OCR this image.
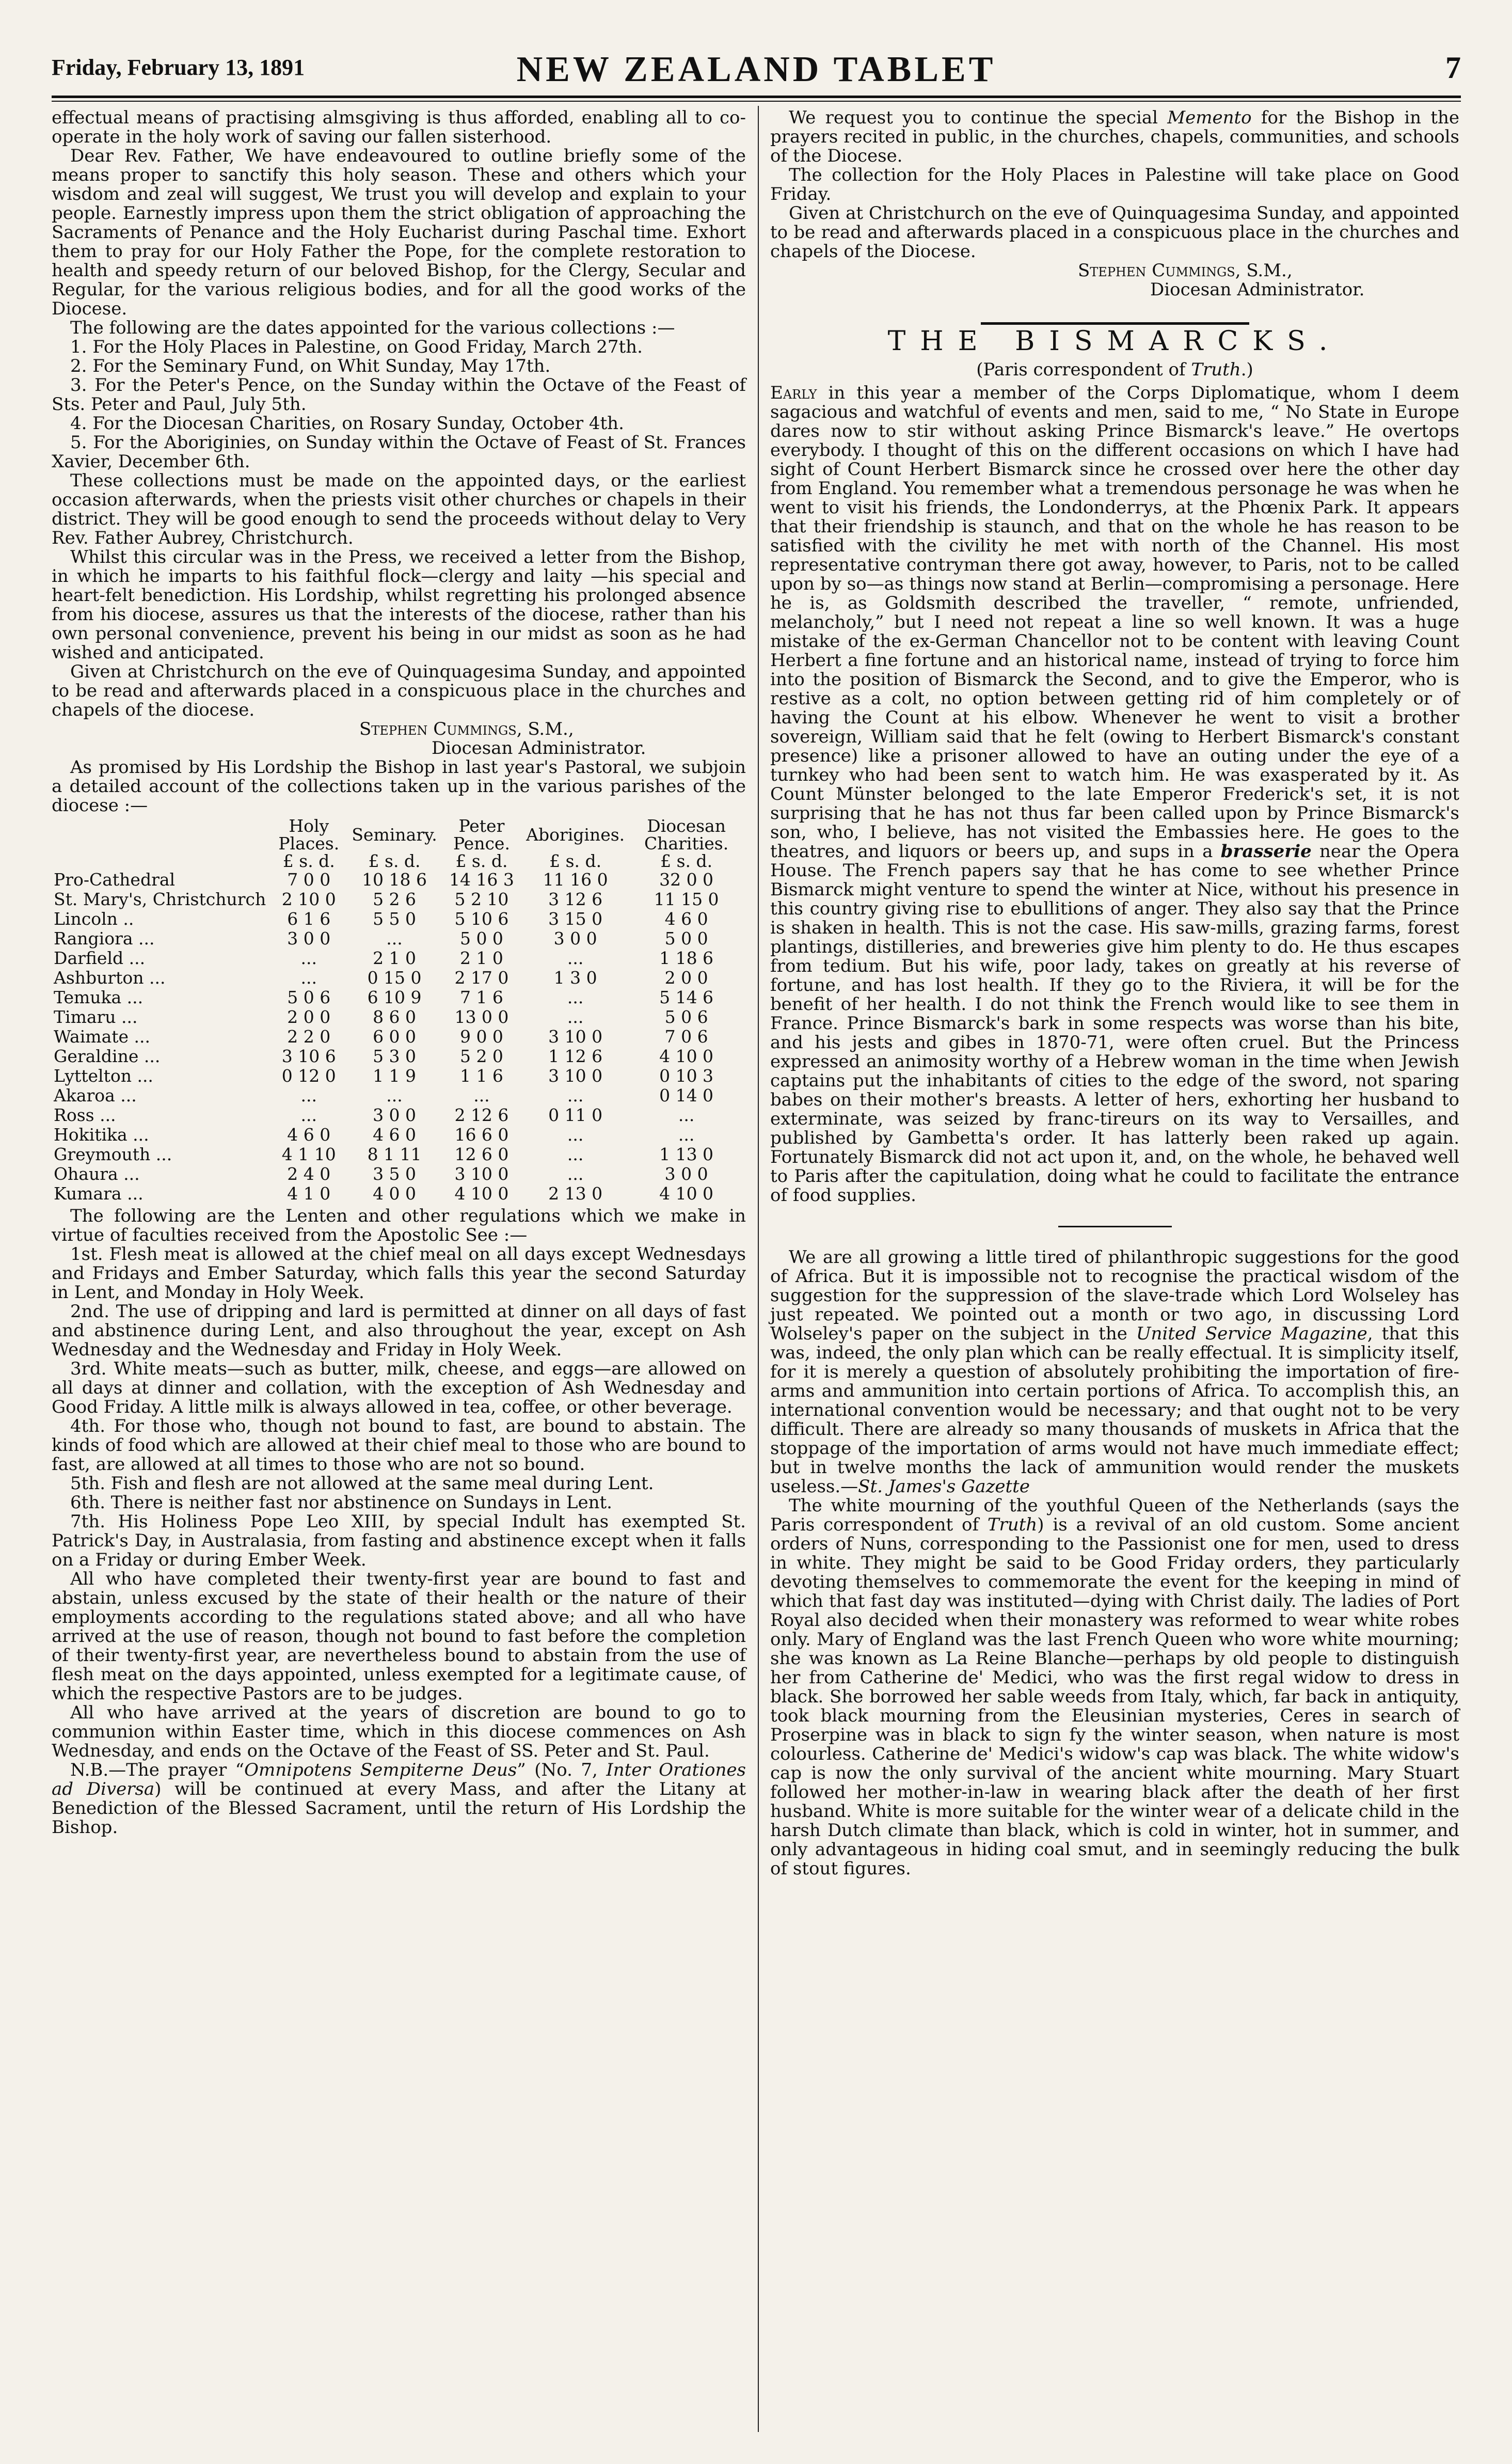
Friday, February 13, 1891	NEW ZEALAND TABLET	7

effectual means of practising almsgiving is thus afforded, enabling all to co-operate in the holy work of saving our fallen sisterhood.

Dear Rev. Father, We have endeavoured to outline briefly some of the means proper to sanctify this holy season. These and others which your wisdom and zeal will suggest, We trust you will develop and explain to your people. Earnestly impress upon them the strict obligation of approaching the Sacraments of Penance and the Holy Eucharist during Paschal time. Exhort them to pray for our Holy Father the Pope, for the complete restoration to health and speedy return of our beloved Bishop, for the Clergy, Secular and Regular, for the various religious bodies, and for all the good works of the Diocese.

The following are the dates appointed for the various collections :—

1. For the Holy Places in Palestine, on Good Friday, March 27th.

2. For the Seminary Fund, on Whit Sunday, May 17th.

3. For the Peter's Pence, on the Sunday within the Octave of the Feast of Sts. Peter and Paul, July 5th.

4. For the Diocesan Charities, on Rosary Sunday, October 4th.

5. For the Aboriginies, on Sunday within the Octave of Feast of St. Frances Xavier, December 6th.

These collections must be made on the appointed days, or the earliest occasion afterwards, when the priests visit other churches or chapels in their district. They will be good enough to send the proceeds without delay to Very Rev. Father Aubrey, Christchurch.

Whilst this circular was in the Press, we received a letter from the Bishop, in which he imparts to his faithful flock—clergy and laity —his special and heart-felt benediction. His Lordship, whilst regretting his prolonged absence from his diocese, assures us that the interests of the diocese, rather than his own personal convenience, prevent his being in our midst as soon as he had wished and anticipated.

Given at Christchurch on the eve of Quinquagesima Sunday, and appointed to be read and afterwards placed in a conspicuous place in the churches and chapels of the diocese.

Stephen Cummings, S.M.,

Diocesan Administrator.

As promised by His Lordship the Bishop in last year's Pastoral, we subjoin a detailed account of the collections taken up in the various parishes of the diocese :—

	Holy Places.	Seminary.	Peter Pence.	Aborigines.	Diocesan Charities.
	£ s. d.	£ s. d.	£ s. d.	£ s. d.	£ s. d.
Pro-Cathedral	7 0 0	10 18 6	14 16 3	11 16 0	32 0 0
St. Mary's, Christchurch	2 10 0	5 2 6	5 2 10	3 12 6	11 15 0
Lincoln ..	6 1 6	5 5 0	5 10 6	3 15 0	4 6 0
Rangiora ...	3 0 0	...	5 0 0	3 0 0	5 0 0
Darfield ...	...	2 1 0	2 1 0	...	1 18 6
Ashburton ...	...	0 15 0	2 17 0	1 3 0	2 0 0
Temuka ...	5 0 6	6 10 9	7 1 6	...	5 14 6
Timaru ...	2 0 0	8 6 0	13 0 0	...	5 0 6
Waimate ...	2 2 0	6 0 0	9 0 0	3 10 0	7 0 6
Geraldine ...	3 10 6	5 3 0	5 2 0	1 12 6	4 10 0
Lyttelton ...	0 12 0	1 1 9	1 1 6	3 10 0	0 10 3
Akaroa ...	...	...	...	...	0 14 0
Ross ...	...	3 0 0	2 12 6	0 11 0	...
Hokitika ...	4 6 0	4 6 0	16 6 0	...	...
Greymouth ...	4 1 10	8 1 11	12 6 0	...	1 13 0
Ohaura ...	2 4 0	3 5 0	3 10 0	...	3 0 0
Kumara ...	4 1 0	4 0 0	4 10 0	2 13 0	4 10 0

The following are the Lenten and other regulations which we make in virtue of faculties received from the Apostolic See :—

1st. Flesh meat is allowed at the chief meal on all days except Wednesdays and Fridays and Ember Saturday, which falls this year the second Saturday in Lent, and Monday in Holy Week.

2nd. The use of dripping and lard is permitted at dinner on all days of fast and abstinence during Lent, and also throughout the year, except on Ash Wednesday and the Wednesday and Friday in Holy Week.

3rd. White meats—such as butter, milk, cheese, and eggs—are allowed on all days at dinner and collation, with the exception of Ash Wednesday and Good Friday. A little milk is always allowed in tea, coffee, or other beverage.

4th. For those who, though not bound to fast, are bound to abstain. The kinds of food which are allowed at their chief meal to those who are bound to fast, are allowed at all times to those who are not so bound.

5th. Fish and flesh are not allowed at the same meal during Lent.

6th. There is neither fast nor abstinence on Sundays in Lent.

7th. His Holiness Pope Leo XIII, by special Indult has exempted St. Patrick's Day, in Australasia, from fasting and abstinence except when it falls on a Friday or during Ember Week.

All who have completed their twenty-first year are bound to fast and abstain, unless excused by the state of their health or the nature of their employments according to the regulations stated above; and all who have arrived at the use of reason, though not bound to fast before the completion of their twenty-first year, are nevertheless bound to abstain from the use of flesh meat on the days appointed, unless exempted for a legitimate cause, of which the respective Pastors are to be judges.

All who have arrived at the years of discretion are bound to go to communion within Easter time, which in this diocese commences on Ash Wednesday, and ends on the Octave of the Feast of SS. Peter and St. Paul.

N.B.—The prayer “Omnipotens Sempiterne Deus” (No. 7, Inter Orationes ad Diversa) will be continued at every Mass, and after the Litany at Benediction of the Blessed Sacrament, until the return of His Lordship the Bishop.

We request you to continue the special Memento for the Bishop in the prayers recited in public, in the churches, chapels, communities, and schools of the Diocese.

The collection for the Holy Places in Palestine will take place on Good Friday.

Given at Christchurch on the eve of Quinquagesima Sunday, and appointed to be read and afterwards placed in a conspicuous place in the churches and chapels of the Diocese.

Stephen Cummings, S.M.,

Diocesan Administrator.

THE BISMARCKS.

(Paris correspondent of Truth.)

Early in this year a member of the Corps Diplomatique, whom I deem sagacious and watchful of events and men, said to me, “ No State in Europe dares now to stir without asking Prince Bismarck's leave.” He overtops everybody. I thought of this on the different occasions on which I have had sight of Count Herbert Bismarck since he crossed over here the other day from England. You remember what a tremendous personage he was when he went to visit his friends, the Londonderrys, at the Phœnix Park. It appears that their friendship is staunch, and that on the whole he has reason to be satisfied with the civility he met with north of the Channel. His most representative contryman there got away, however, to Paris, not to be called upon by so—as things now stand at Berlin—compromising a personage. Here he is, as Goldsmith described the traveller, “ remote, unfriended, melancholy,” but I need not repeat a line so well known. It was a huge mistake of the ex-German Chancellor not to be content with leaving Count Herbert a fine fortune and an historical name, instead of trying to force him into the position of Bismarck the Second, and to give the Emperor, who is restive as a colt, no option between getting rid of him completely or of having the Count at his elbow. Whenever he went to visit a brother sovereign, William said that he felt (owing to Herbert Bismarck's constant presence) like a prisoner allowed to have an outing under the eye of a turnkey who had been sent to watch him. He was exasperated by it. As Count Münster belonged to the late Emperor Frederick's set, it is not surprising that he has not thus far been called upon by Prince Bismarck's son, who, I believe, has not visited the Embassies here. He goes to the theatres, and liquors or beers up, and sups in a brasserie near the Opera House. The French papers say that he has come to see whether Prince Bismarck might venture to spend the winter at Nice, without his presence in this country giving rise to ebullitions of anger. They also say that the Prince is shaken in health. This is not the case. His saw-mills, grazing farms, forest plantings, distilleries, and breweries give him plenty to do. He thus escapes from tedium. But his wife, poor lady, takes on greatly at his reverse of fortune, and has lost health. If they go to the Riviera, it will be for the benefit of her health. I do not think the French would like to see them in France. Prince Bismarck's bark in some respects was worse than his bite, and his jests and gibes in 1870-71, were often cruel. But the Princess expressed an animosity worthy of a Hebrew woman in the time when Jewish captains put the inhabitants of cities to the edge of the sword, not sparing babes on their mother's breasts. A letter of hers, exhorting her husband to exterminate, was seized by franc-tireurs on its way to Versailles, and published by Gambetta's order. It has latterly been raked up again. Fortunately Bismarck did not act upon it, and, on the whole, he behaved well to Paris after the capitulation, doing what he could to facilitate the entrance of food supplies.

We are all growing a little tired of philanthropic suggestions for the good of Africa. But it is impossible not to recognise the practical wisdom of the suggestion for the suppression of the slave-trade which Lord Wolseley has just repeated. We pointed out a month or two ago, in discussing Lord Wolseley's paper on the subject in the United Service Magazine, that this was, indeed, the only plan which can be really effectual. It is simplicity itself, for it is merely a question of absolutely prohibiting the importation of fire-arms and ammunition into certain portions of Africa. To accomplish this, an international convention would be necessary; and that ought not to be very difficult. There are already so many thousands of muskets in Africa that the stoppage of the importation of arms would not have much immediate effect; but in twelve months the lack of ammunition would render the muskets useless.—St. James's Gazette

The white mourning of the youthful Queen of the Netherlands (says the Paris correspondent of Truth) is a revival of an old custom. Some ancient orders of Nuns, corresponding to the Passionist one for men, used to dress in white. They might be said to be Good Friday orders, they particularly devoting themselves to commemorate the event for the keeping in mind of which that fast day was instituted—dying with Christ daily. The ladies of Port Royal also decided when their monastery was reformed to wear white robes only. Mary of England was the last French Queen who wore white mourning; she was known as La Reine Blanche—perhaps by old people to distinguish her from Catherine de' Medici, who was the first regal widow to dress in black. She borrowed her sable weeds from Italy, which, far back in antiquity, took black mourning from the Eleusinian mysteries, Ceres in search of Proserpine was in black to sign fy the winter season, when nature is most colourless. Catherine de' Medici's widow's cap was black. The white widow's cap is now the only survival of the ancient white mourning. Mary Stuart followed her mother-in-law in wearing black after the death of her first husband. White is more suitable for the winter wear of a delicate child in the harsh Dutch climate than black, which is cold in winter, hot in summer, and only advantageous in hiding coal smut, and in seemingly reducing the bulk of stout figures.
